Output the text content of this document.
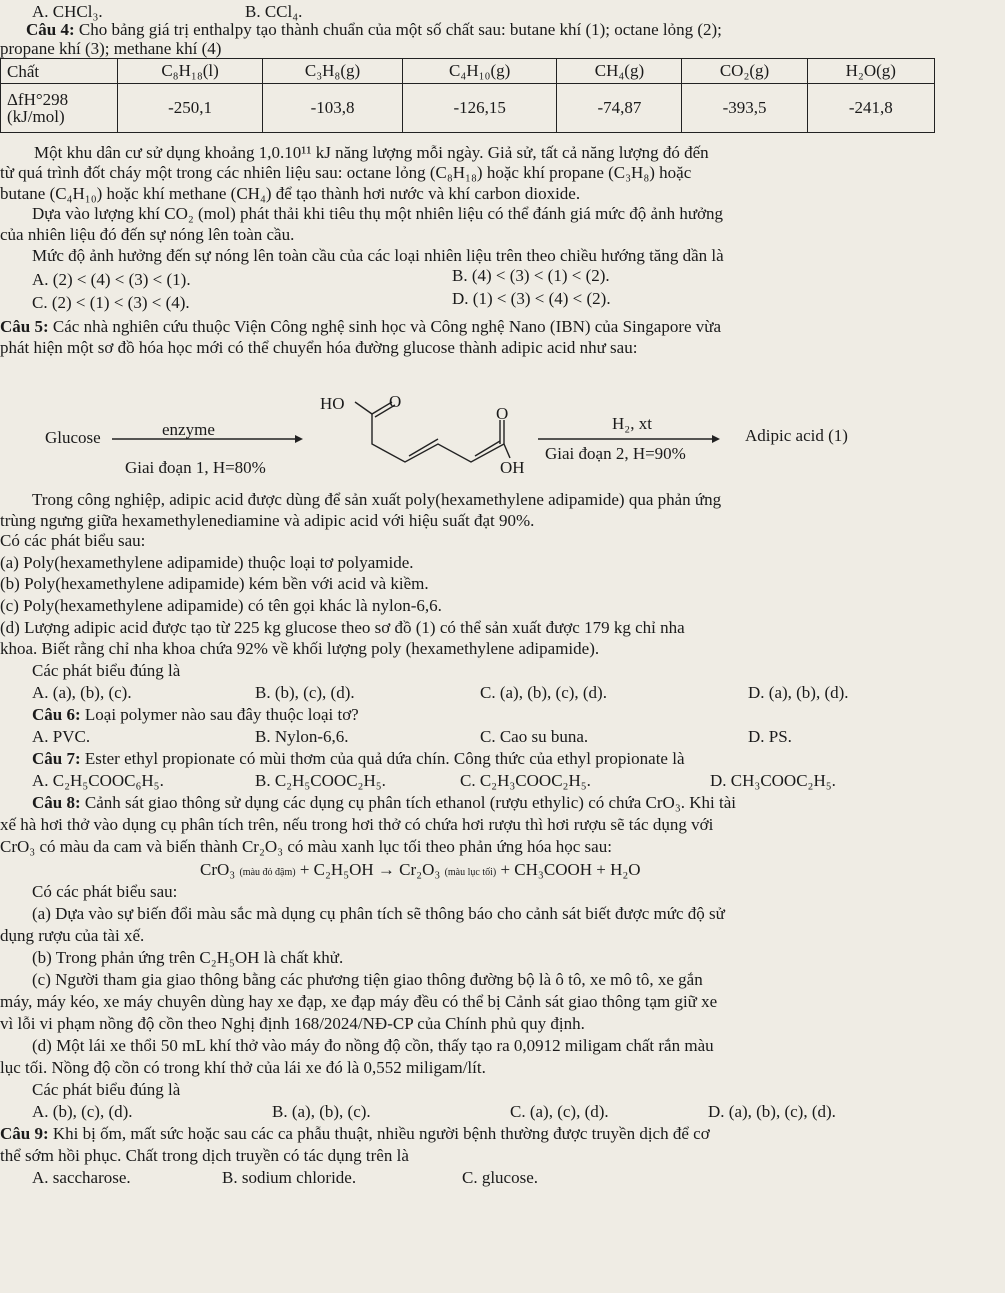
A. CHCl₃.	B. CCl₄.
Câu 4: Cho bảng giá trị enthalpy tạo thành chuẩn của một số chất sau: butane khí (1); octane lỏng (2);
propane khí (3); methane khí (4)
Chất	C₈H₁₈(l)	C₃H₈(g)	C₄H₁₀(g)	CH₄(g)	CO₂(g)	H₂O(g)

ΔfH°298
(kJ/mol)	-250,1	-103,8	-126,15	-74,87	-393,5	-241,8
Một khu dân cư sử dụng khoảng 1,0.10¹¹ kJ năng lượng mỗi ngày. Giả sử, tất cả năng lượng đó đến
từ quá trình đốt cháy một trong các nhiên liệu sau: octane lỏng (C₈H₁₈) hoặc khí propane (C₃H₈) hoặc
butane (C₄H₁₀) hoặc khí methane (CH₄) để tạo thành hơi nước và khí carbon dioxide.
Dựa vào lượng khí CO₂ (mol) phát thải khi tiêu thụ một nhiên liệu có thể đánh giá mức độ ảnh hưởng
của nhiên liệu đó đến sự nóng lên toàn cầu.
Mức độ ảnh hưởng đến sự nóng lên toàn cầu của các loại nhiên liệu trên theo chiều hướng tăng dần là
A. (2) < (4) < (3) < (1).	B. (4) < (3) < (1) < (2).
C. (2) < (1) < (3) < (4).	D. (1) < (3) < (4) < (2).
Câu 5: Các nhà nghiên cứu thuộc Viện Công nghệ sinh học và Công nghệ Nano (IBN) của Singapore vừa
phát hiện một sơ đồ hóa học mới có thể chuyển hóa đường glucose thành adipic acid như sau:
Glucose	enzyme
Giai đoạn 1, H=80%
HO	O
O
OH
H₂, xt
Giai đoạn 2, H=90%
Adipic acid (1)
Trong công nghiệp, adipic acid được dùng để sản xuất poly(hexamethylene adipamide) qua phản ứng
trùng ngưng giữa hexamethylenediamine và adipic acid với hiệu suất đạt 90%.
Có các phát biểu sau:
(a) Poly(hexamethylene adipamide) thuộc loại tơ polyamide.
(b) Poly(hexamethylene adipamide) kém bền với acid và kiềm.
(c) Poly(hexamethylene adipamide) có tên gọi khác là nylon-6,6.
(d) Lượng adipic acid được tạo từ 225 kg glucose theo sơ đồ (1) có thể sản xuất được 179 kg chỉ nha
khoa. Biết rằng chỉ nha khoa chứa 92% về khối lượng poly (hexamethylene adipamide).
Các phát biểu đúng là
A. (a), (b), (c).	B. (b), (c), (d).	C. (a), (b), (c), (d).	D. (a), (b), (d).
Câu 6: Loại polymer nào sau đây thuộc loại tơ?
A. PVC.	B. Nylon-6,6.	C. Cao su buna.	D. PS.
Câu 7: Ester ethyl propionate có mùi thơm của quả dứa chín. Công thức của ethyl propionate là
A. C₂H₅COOC₆H₅.	B. C₂H₅COOC₂H₅.	C. C₂H₃COOC₂H₅.	D. CH₃COOC₂H₅.
Câu 8: Cảnh sát giao thông sử dụng các dụng cụ phân tích ethanol (rượu ethylic) có chứa CrO₃. Khi tài
xế hà hơi thở vào dụng cụ phân tích trên, nếu trong hơi thở có chứa hơi rượu thì hơi rượu sẽ tác dụng với
CrO₃ có màu da cam và biến thành Cr₂O₃ có màu xanh lục tối theo phản ứng hóa học sau:
CrO₃ (màu đỏ đậm) + C₂H₅OH → Cr₂O₃ (màu lục tối) + CH₃COOH + H₂O
Có các phát biểu sau:
(a) Dựa vào sự biến đổi màu sắc mà dụng cụ phân tích sẽ thông báo cho cảnh sát biết được mức độ sử
dụng rượu của tài xế.
(b) Trong phản ứng trên C₂H₅OH là chất khử.
(c) Người tham gia giao thông bằng các phương tiện giao thông đường bộ là ô tô, xe mô tô, xe gắn
máy, máy kéo, xe máy chuyên dùng hay xe đạp, xe đạp máy đều có thể bị Cảnh sát giao thông tạm giữ xe
vì lỗi vi phạm nồng độ cồn theo Nghị định 168/2024/NĐ-CP của Chính phủ quy định.
(d) Một lái xe thổi 50 mL khí thở vào máy đo nồng độ cồn, thấy tạo ra 0,0912 miligam chất rắn màu
lục tối. Nồng độ cồn có trong khí thở của lái xe đó là 0,552 miligam/lít.
Các phát biểu đúng là
A. (b), (c), (d).	B. (a), (b), (c).	C. (a), (c), (d).	D. (a), (b), (c), (d).
Câu 9: Khi bị ốm, mất sức hoặc sau các ca phẫu thuật, nhiều người bệnh thường được truyền dịch để cơ
thể sớm hồi phục. Chất trong dịch truyền có tác dụng trên là
A. saccharose.	B. sodium chloride.	C. glucose.
